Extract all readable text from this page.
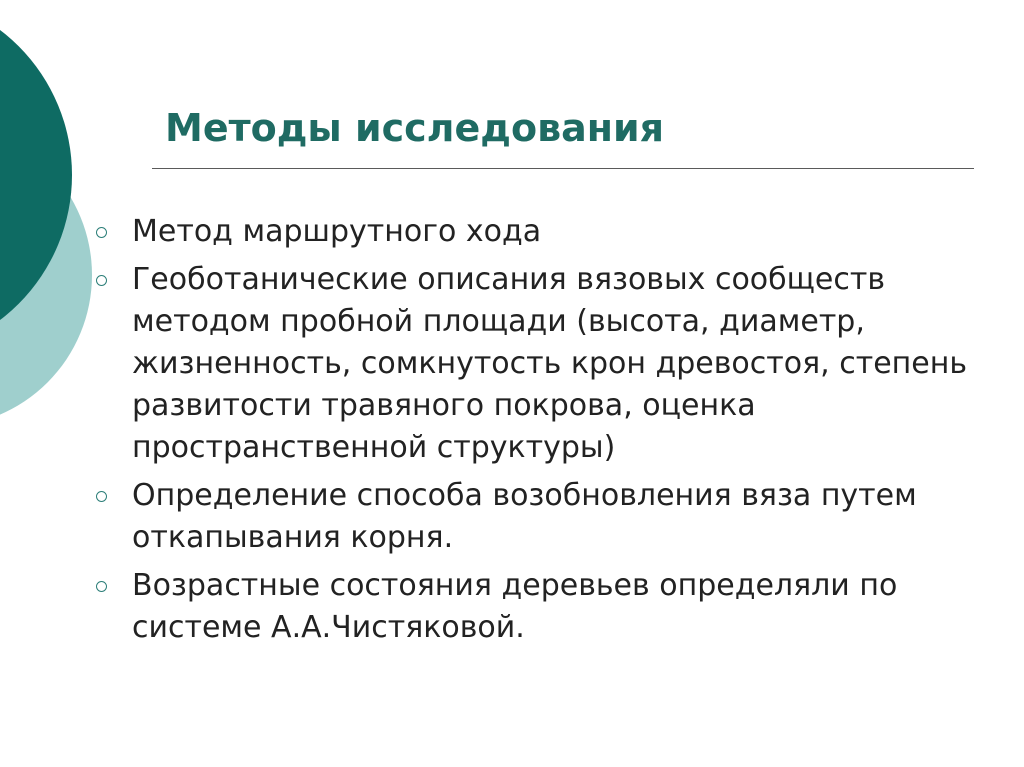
Методы исследования
Метод маршрутного хода
Геоботанические описания вязовых сообществ методом пробной площади (высота, диаметр, жизненность, сомкнутость крон древостоя, степень развитости травяного покрова, оценка пространственной структуры)
Определение способа возобновления вяза путем откапывания корня.
Возрастные состояния деревьев определяли по системе А.А.Чистяковой.
